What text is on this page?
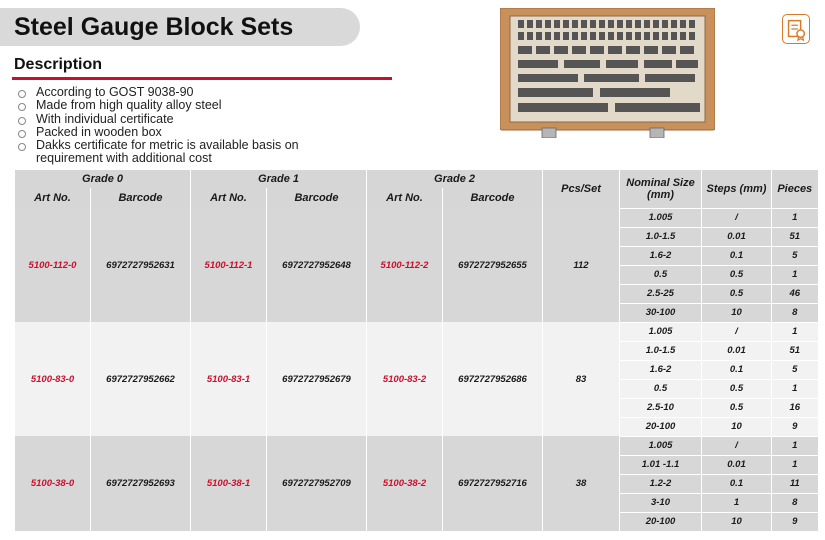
Steel Gauge Block Sets
Description
According to GOST 9038-90
Made from high quality alloy steel
With individual certificate
Packed in wooden box
Dakks certificate for metric is available basis on requirement with additional cost
Grade 0		Grade 1		Grade 2		Pcs/Set	Nominal Size (mm)	Steps (mm)	Pieces
Art No.	Barcode	Art No.	Barcode	Art No.	Barcode				
5100-112-0	6972727952631	5100-112-1	6972727952648	5100-112-2	6972727952655	112	1.005	/	1
							1.0-1.5	0.01	51
							1.6-2	0.1	5
							0.5	0.5	1
							2.5-25	0.5	46
							30-100	10	8
5100-83-0	6972727952662	5100-83-1	6972727952679	5100-83-2	6972727952686	83	1.005	/	1
							1.0-1.5	0.01	51
							1.6-2	0.1	5
							0.5	0.5	1
							2.5-10	0.5	16
							20-100	10	9
5100-38-0	6972727952693	5100-38-1	6972727952709	5100-38-2	6972727952716	38	1.005	/	1
							1.01 -1.1	0.01	1
							1.2-2	0.1	11
							3-10	1	8
							20-100	10	9
